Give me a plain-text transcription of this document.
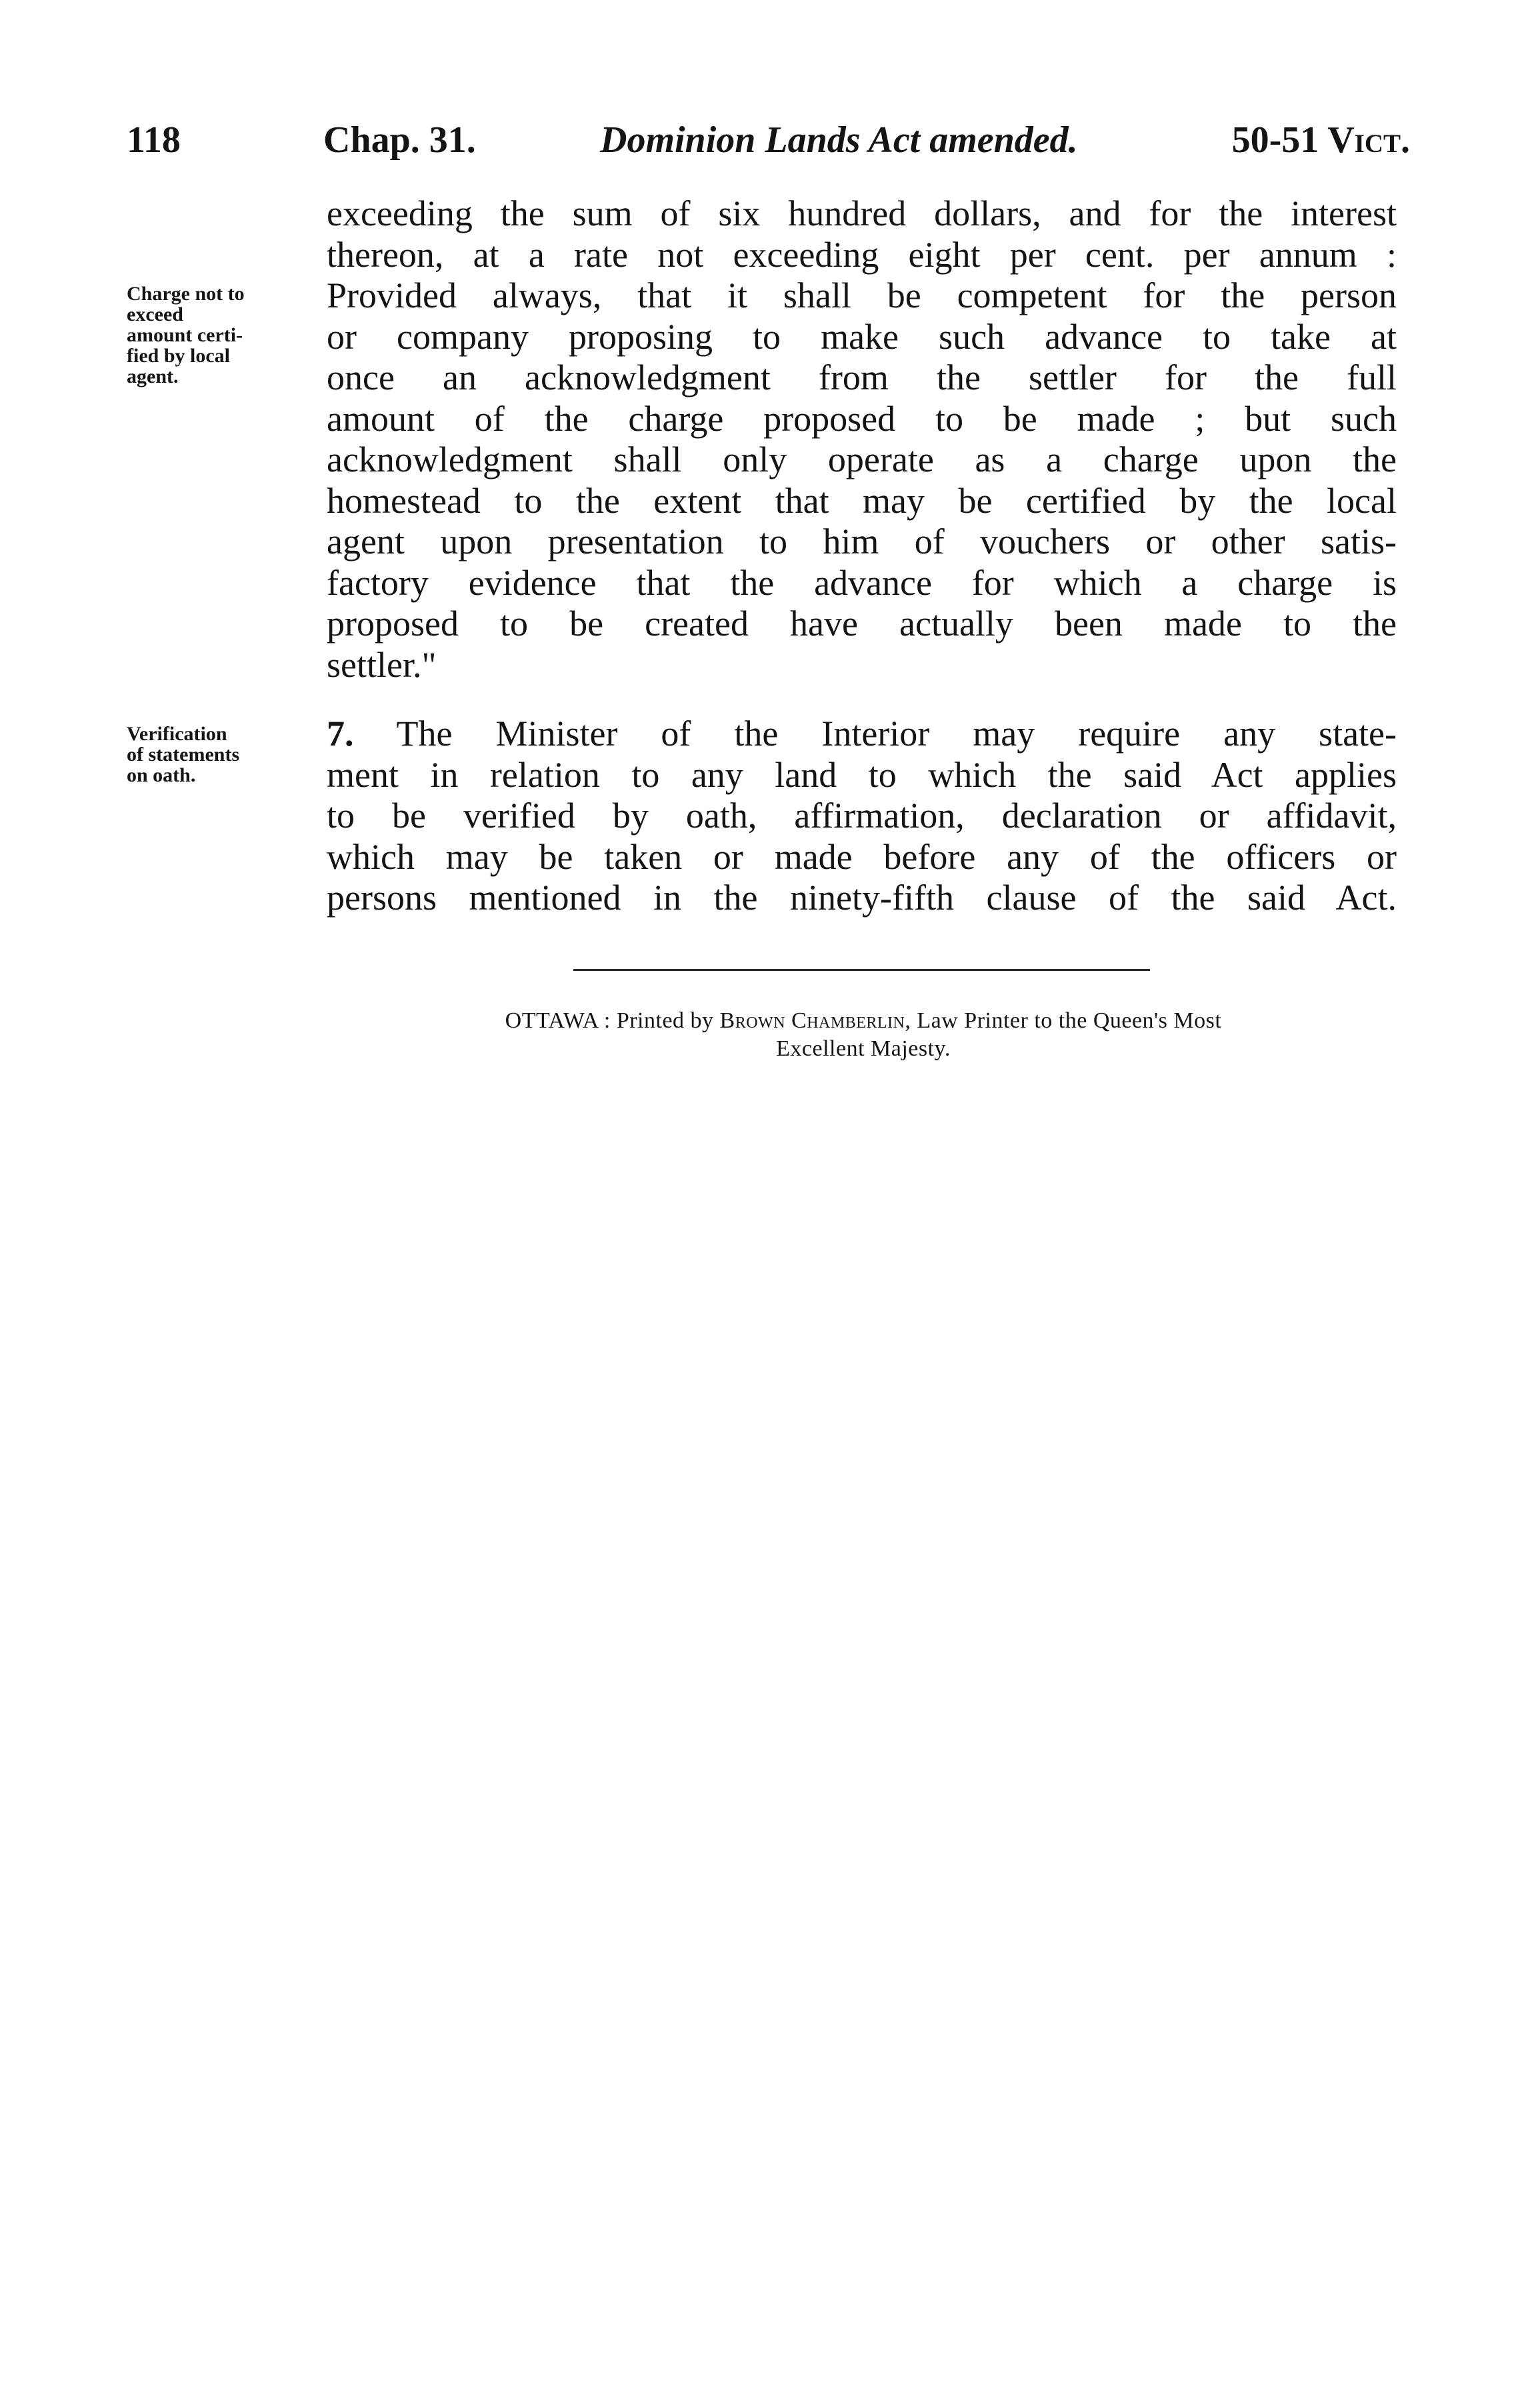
118	Chap. 31.	Dominion Lands Act amended.	50-51 Vict.
Charge not to
exceed
amount certi-
fied by local
agent.
exceeding the sum of six hundred dollars, and for the interest
thereon, at a rate not exceeding eight per cent. per annum :
Provided always, that it shall be competent for the person
or company proposing to make such advance to take at
once an acknowledgment from the settler for the full
amount of the charge proposed to be made ; but such
acknowledgment shall only operate as a charge upon the
homestead to the extent that may be certified by the local
agent upon presentation to him of vouchers or other satis-
factory evidence that the advance for which a charge is
proposed to be created have actually been made to the
settler."
Verification
of statements
on oath.
7. The Minister of the Interior may require any state-
ment in relation to any land to which the said Act applies
to be verified by oath, affirmation, declaration or affidavit,
which may be taken or made before any of the officers or
persons mentioned in the ninety-fifth clause of the said Act.
OTTAWA : Printed by Brown Chamberlin, Law Printer to the Queen's Most
Excellent Majesty.
